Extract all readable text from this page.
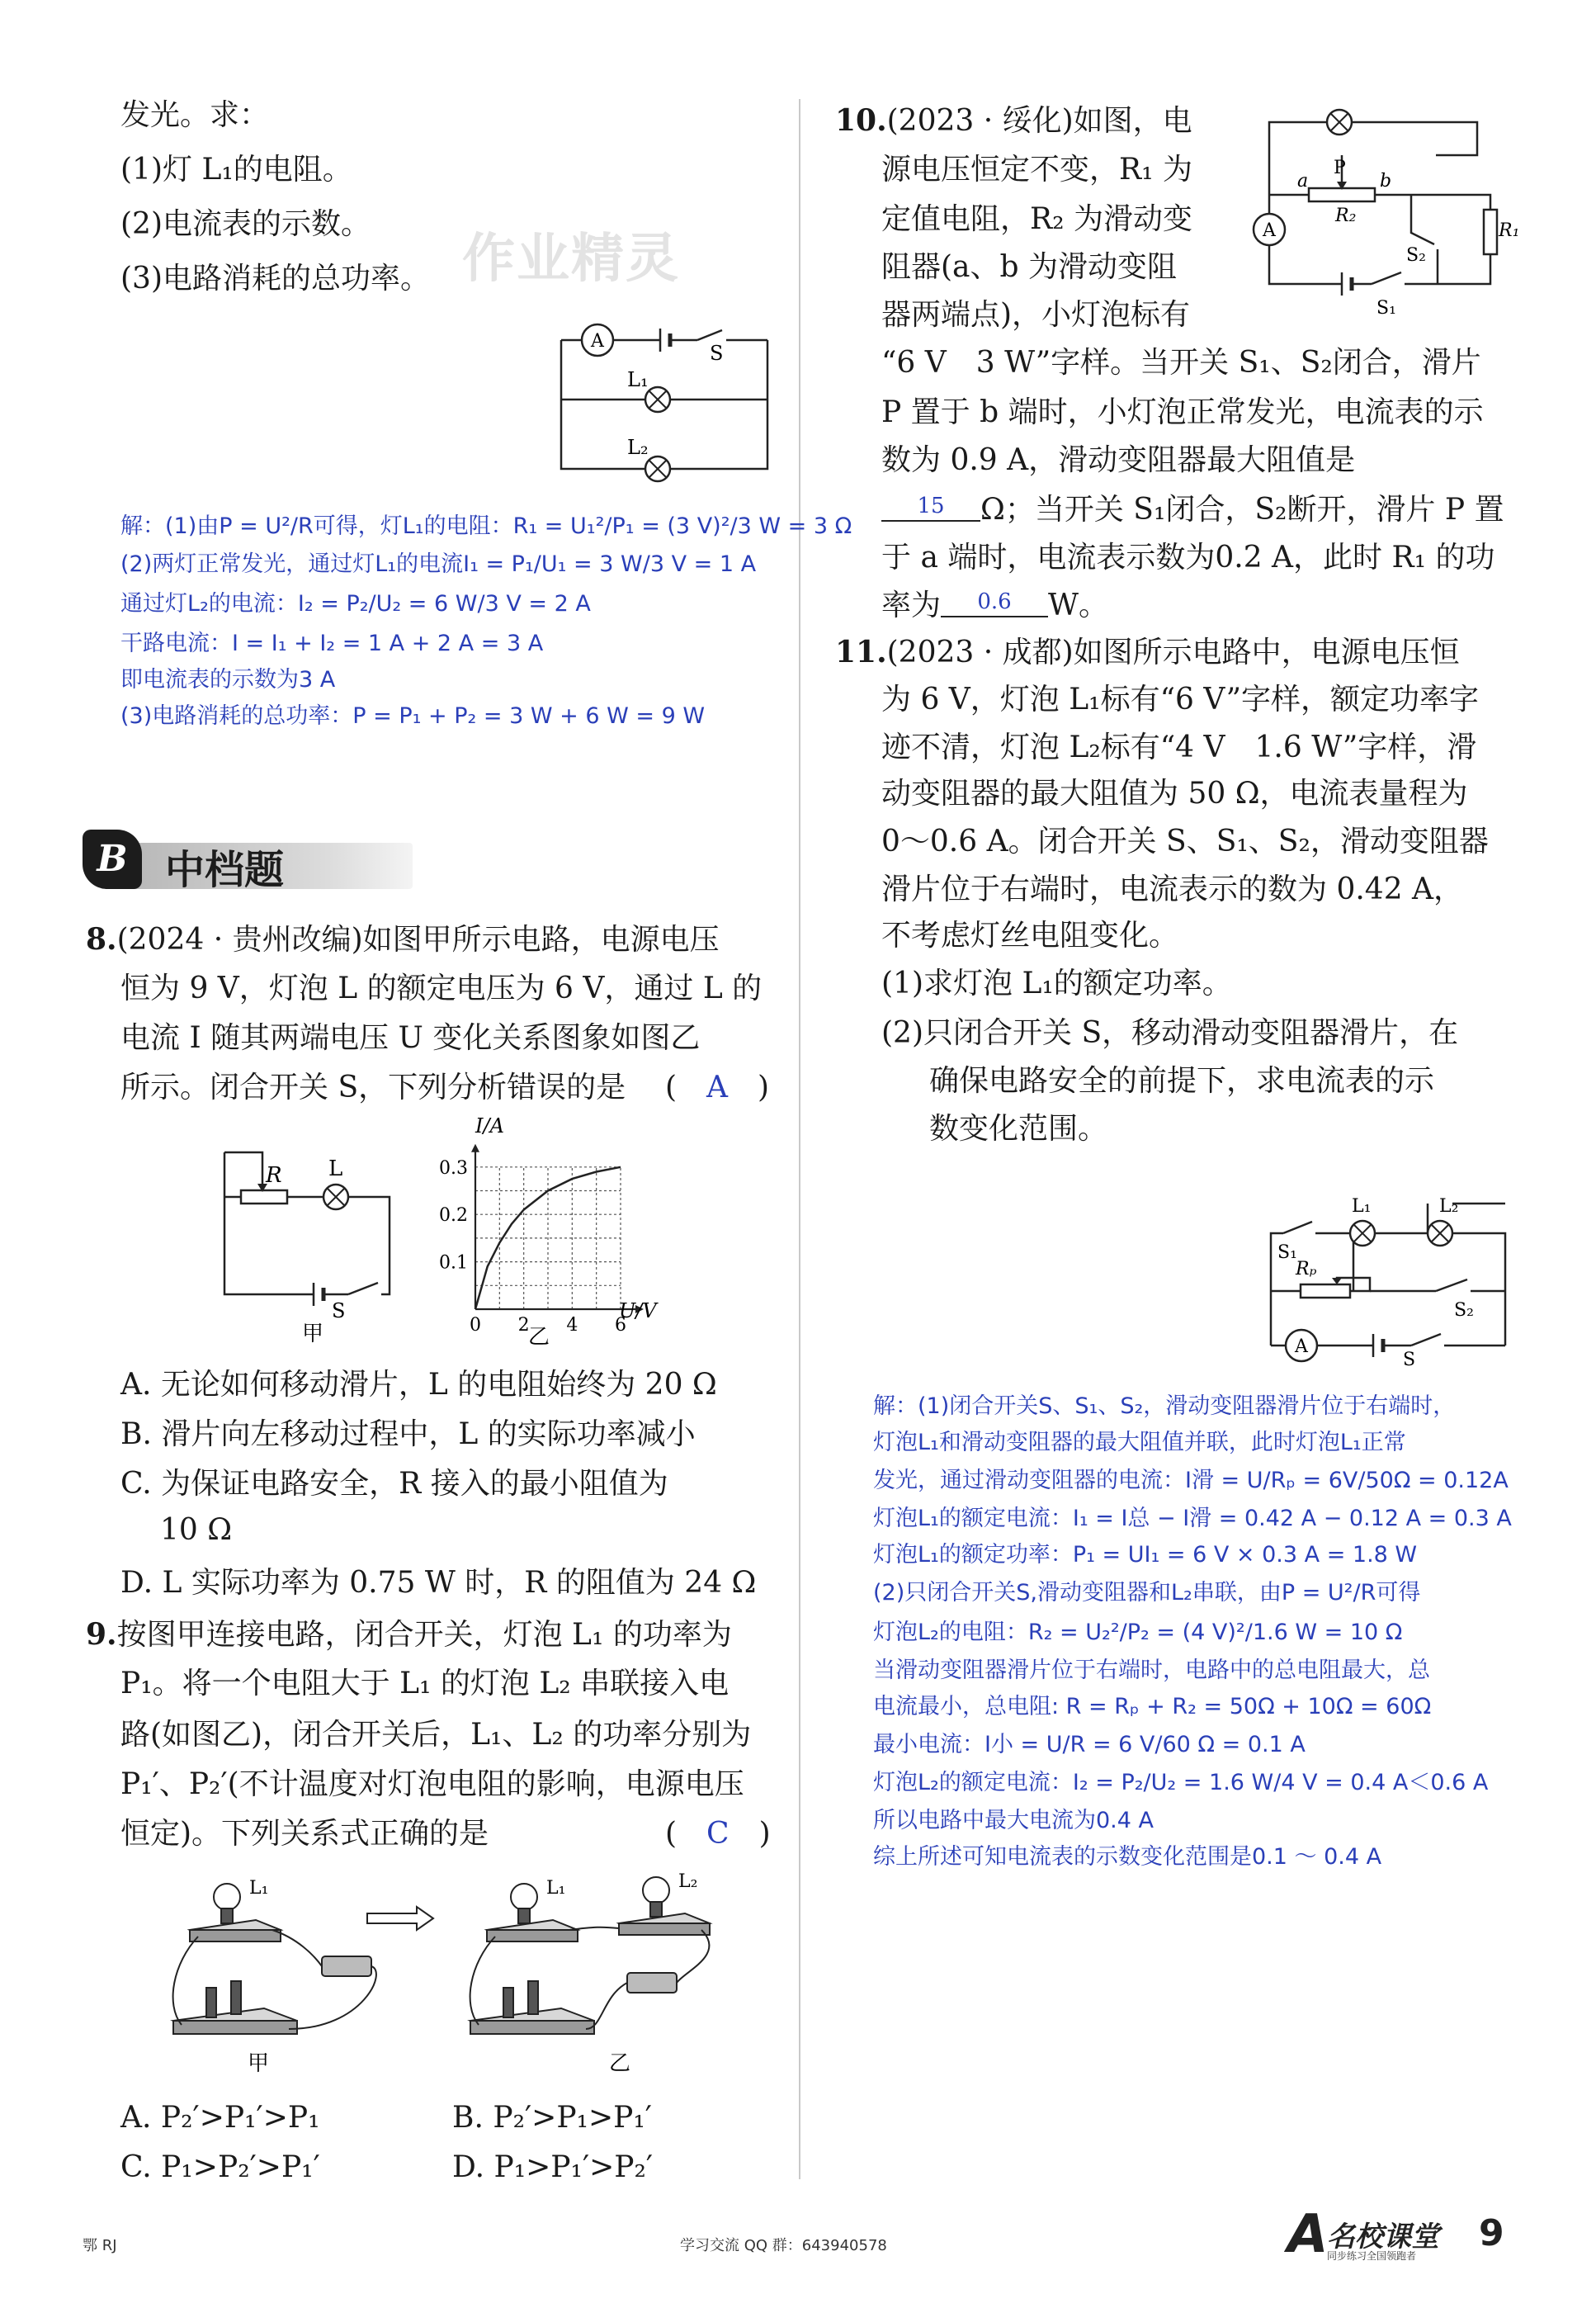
发光。求：
(1)灯 L₁的电阻。
(2)电流表的示数。
(3)电路消耗的总功率。 作业精灵
A
S
L₁
L₂
解：(1)由P = U²/R可得，灯L₁的电阻：R₁ = U₁²/P₁ = (3 V)²/3 W = 3 Ω
(2)两灯正常发光，通过灯L₁的电流I₁ = P₁/U₁ = 3 W/3 V = 1 A
通过灯L₂的电流：I₂ = P₂/U₂ = 6 W/3 V = 2 A
干路电流：I = I₁ + I₂ = 1 A + 2 A = 3 A
即电流表的示数为3 A
(3)电路消耗的总功率：P = P₁ + P₂ = 3 W + 6 W = 9 W
B 中档题
8.(2024 · 贵州改编)如图甲所示电路，电源电压
恒为 9 V，灯泡 L 的额定电压为 6 V，通过 L 的
电流 I 随其两端电压 U 变化关系图象如图乙
所示。闭合开关 S，下列分析错误的是 (　A　)
R L
S
甲	0 2 4 6
0.1
0.2
0.3
I/A
U/V
乙
A. 无论如何移动滑片，L 的电阻始终为 20 Ω
B. 滑片向左移动过程中，L 的实际功率减小
C. 为保证电路安全，R 接入的最小阻值为
10 Ω
D. L 实际功率为 0.75 W 时，R 的阻值为 24 Ω
9.按图甲连接电路，闭合开关，灯泡 L₁ 的功率为
P₁。将一个电阻大于 L₁ 的灯泡 L₂ 串联接入电
路(如图乙)，闭合开关后，L₁、L₂ 的功率分别为
P₁′、P₂′(不计温度对灯泡电阻的影响，电源电压
恒定)。下列关系式正确的是	(　C　)
L₁	L₁	L₂
甲	乙
A. P₂′>P₁′>P₁	B. P₂′>P₁>P₁′
C. P₁>P₂′>P₁′	D. P₁>P₁′>P₂′
10.(2023 · 绥化)如图，电
源电压恒定不变，R₁ 为
定值电阻，R₂ 为滑动变
阻器(a、b 为滑动变阻
器两端点)，小灯泡标有
“6 V　3 W”字样。当开关 S₁、S₂闭合，滑片
P 置于 b 端时，小灯泡正常发光，电流表的示
数为 0.9 A，滑动变阻器最大阻值是
15 Ω；当开关 S₁闭合，S₂断开，滑片 P 置
于 a 端时，电流表示数为0.2 A，此时 R₁ 的功
率为 0.6 W。
A
P
a	b
R₂
S₂
R₁
S₁
11.(2023 · 成都)如图所示电路中，电源电压恒
为 6 V，灯泡 L₁标有“6 V”字样，额定功率字
迹不清，灯泡 L₂标有“4 V　1.6 W”字样，滑
动变阻器的最大阻值为 50 Ω，电流表量程为
0～0.6 A。闭合开关 S、S₁、S₂，滑动变阻器
滑片位于右端时，电流表示的数为 0.42 A，
不考虑灯丝电阻变化。
(1)求灯泡 L₁的额定功率。
(2)只闭合开关 S，移动滑动变阻器滑片，在
确保电路安全的前提下，求电流表的示
数变化范围。
A
L₁	L₂
S₁
Rₚ
S₂
S
解：(1)闭合开关S、S₁、S₂，滑动变阻器滑片位于右端时，
灯泡L₁和滑动变阻器的最大阻值并联，此时灯泡L₁正常
发光，通过滑动变阻器的电流：I滑 = U/Rₚ = 6V/50Ω = 0.12A
灯泡L₁的额定电流：I₁ = I总 − I滑 = 0.42 A − 0.12 A = 0.3 A
灯泡L₁的额定功率：P₁ = UI₁ = 6 V × 0.3 A = 1.8 W
(2)只闭合开关S,滑动变阻器和L₂串联，由P = U²/R可得
灯泡L₂的电阻：R₂ = U₂²/P₂ = (4 V)²/1.6 W = 10 Ω
当滑动变阻器滑片位于右端时，电路中的总电阻最大，总
电流最小，总电阻: R = Rₚ + R₂ = 50Ω + 10Ω = 60Ω
最小电流：I小 = U/R = 6 V/60 Ω = 0.1 A
灯泡L₂的额定电流：I₂ = P₂/U₂ = 1.6 W/4 V = 0.4 A＜0.6 A
所以电路中最大电流为0.4 A
综上所述可知电流表的示数变化范围是0.1 ～ 0.4 A
鄂 RJ	学习交流 QQ 群：643940578	A
名校课堂
同步练习全国领跑者
9
